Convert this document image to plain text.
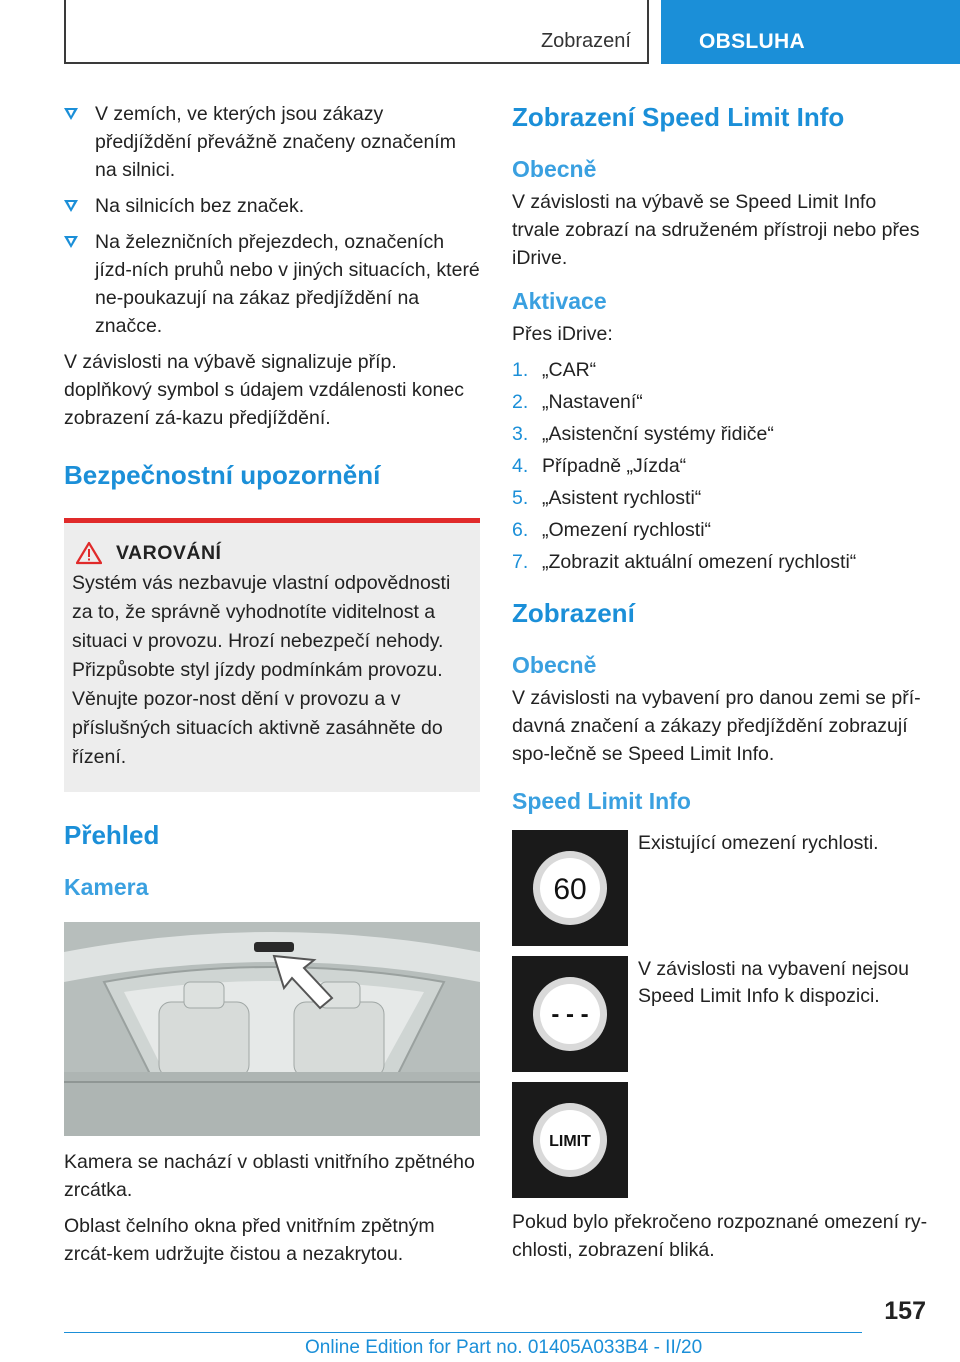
Zobrazení	OBSLUHA
V zemích, ve kterých jsou zákazy předjíždění převážně značeny označením na silnici.
Na silnicích bez značek.
Na železničních přejezdech, označeních jízd-ních pruhů nebo v jiných situacích, které ne-poukazují na zákaz předjíždění na značce.

V závislosti na výbavě signalizuje příp. doplňkový symbol s údajem vzdálenosti konec zobrazení zá-kazu předjíždění.

Bezpečnostní upozornění
VAROVÁNÍ

Systém vás nezbavuje vlastní odpovědnosti za to, že správně vyhodnotíte viditelnost a situaci v provozu. Hrozí nebezpečí nehody. Přizpůsobte styl jízdy podmínkám provozu. Věnujte pozor-nost dění v provozu a v příslušných situacích aktivně zasáhněte do řízení.

Přehled
Kamera

Kamera se nachází v oblasti vnitřního zpětného zrcátka.

Oblast čelního okna před vnitřním zpětným zrcát-kem udržujte čistou a nezakrytou.

Zobrazení Speed Limit Info
Obecně

V závislosti na výbavě se Speed Limit Info trvale zobrazí na sdruženém přístroji nebo přes iDrive.

Aktivace

Přes iDrive:

1. „CAR“
2. „Nastavení“
3. „Asistenční systémy řidiče“
4. Případně „Jízda“
5. „Asistent rychlosti“
6. „Omezení rychlosti“
7. „Zobrazit aktuální omezení rychlosti“
Zobrazení
Obecně

V závislosti na vybavení pro danou zemi se pří-davná značení a zákazy předjíždění zobrazují spo-lečně se Speed Limit Info.

Speed Limit Info
60

Existující omezení rychlosti.

- - -

V závislosti na vybavení nejsou Speed Limit Info k dispozici.

LIMIT

Pokud bylo překročeno rozpoznané omezení ry-chlosti, zobrazení bliká.

157
Online Edition for Part no. 01405A033B4 - II/20
